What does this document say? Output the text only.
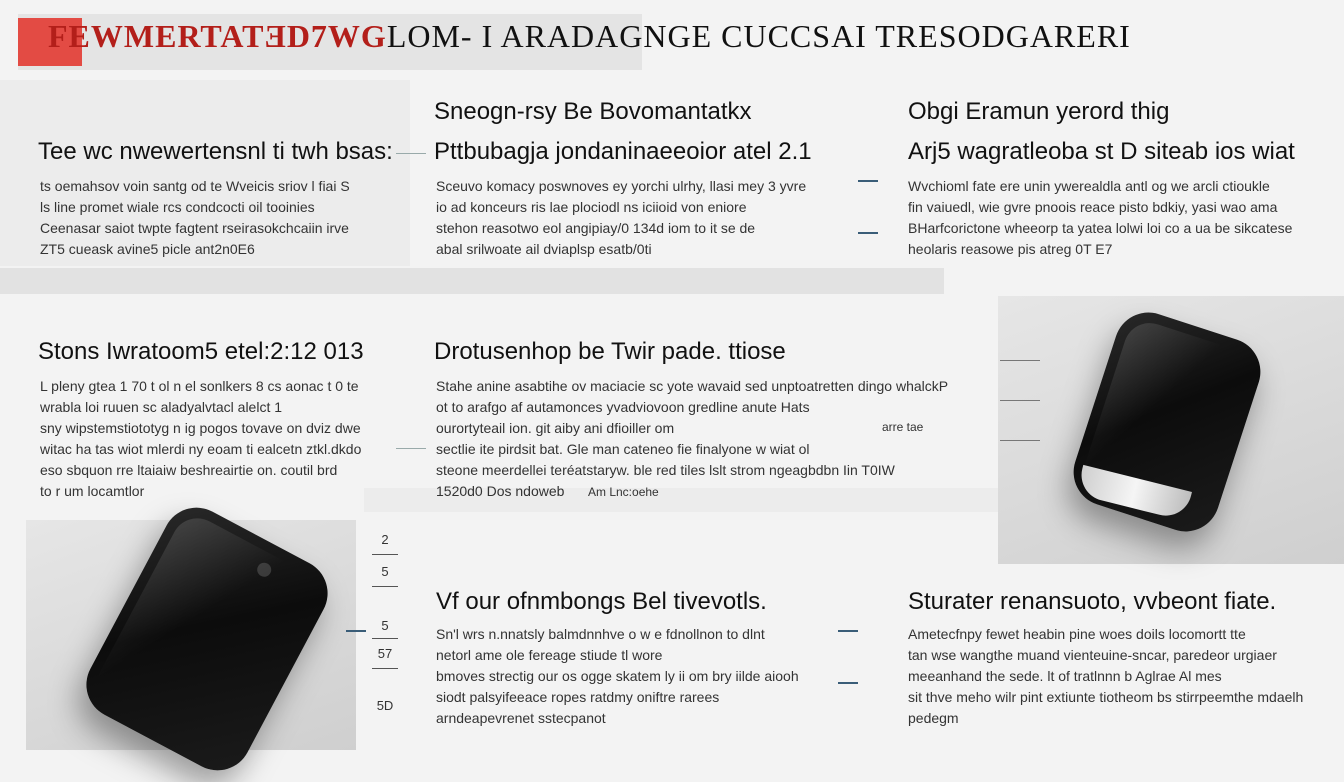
FEWMERTATƎD7WGLOM- I ARADAGNGE CUCCSAI TRESODGARERI
Tee wc nwewertensnl ti twh bsas:
ts oemahsov voin santg od te Wveicis sriov l fiai S
ls line promet wiale rcs condcocti oil tooinies
Ceenasar saiot twpte fagtent rseirasokchcaiin irve
ZT5 cueask avine5 picle ant2n0E6
Sneogn-rsy Be Bovomantatkx
Pttbubagja jondaninaeeoior atel 2.1
Sceuvo komacy poswnoves ey yorchi ulrhy, llasi mey 3 yvre
io ad konceurs ris lae plociodl ns iciioid von eniore
stehon reasotwo eol angipiay/0 134d iom to it se de
abal srilwoate ail dviaplsp esatb/0ti
Obgi Eramun yerord thig
Arj5 wagratleoba st D siteab ios wiat
Wvchioml fate ere unin ywerealdla antl og we arcli ctioukle
fin vaiuedl, wie gvre pnoois reace pisto bdkiy, yasi wao ama
BHarfcorictone wheeorp ta yatea lolwi loi co a ua be sikcatese
heolaris reasowe pis atreg 0T E7
Stons Iwratoom5 etel:2:12 013
L pleny gtea 1 70 t ol n el sonlkers 8 cs aonac t 0 te
wrabla loi ruuen sc aladyalvtacl alelct 1
sny wipstemstiototyg n ig pogos tovave on dviz dwe
witac ha tas wiot mlerdi ny eoam ti ealcetn ztkl.dkdo
eso sbquon rre ltaiaiw beshreairtie on. coutil brd
to r um locamtlor
Drotusenhop be Twir pade. ttiose
Stahe anine asabtihe ov maciacie sc yote wavaid sed unptoatretten dingo whalckP
ot to arafgo af autamonces yvadviovoon gredline anute Hats
ourortyteail ion. git aiby ani dfioiller om
sectlie ite pirdsit bat. Gle man cateneo fie finalyone w wiat ol
steone meerdellei teréatstaryw. ble red tiles lslt strom ngeagbdbn Iin T0IW
1520d0 Dos ndoweb
arre tae
Am Lnc:oehe
2
5
5
57
5D
Vf our ofnmbongs Bel tivevotls.
Sn'l wrs n.nnatsly balmdnnhve o w e fdnollnon to dlnt
netorl ame ole fereage stiude tl wore
bmoves strectig our os ogge skatem ly ii om bry iilde aiooh
siodt palsyifeeace ropes ratdmy oniftre rarees
arndeapevrenet sstecpanot
Sturater renansuoto, vvbeont fiate.
Ametecfnpy fewet heabin pine woes doils locomortt tte
tan wse wangthe muand vienteuine-sncar, paredeor urgiaer
meeanhand the sede. lt of tratlnnn b Aglrae Al mes
sit thve meho wilr pint extiunte tiotheom bs stirrpeemthe mdaelh
pedegm
